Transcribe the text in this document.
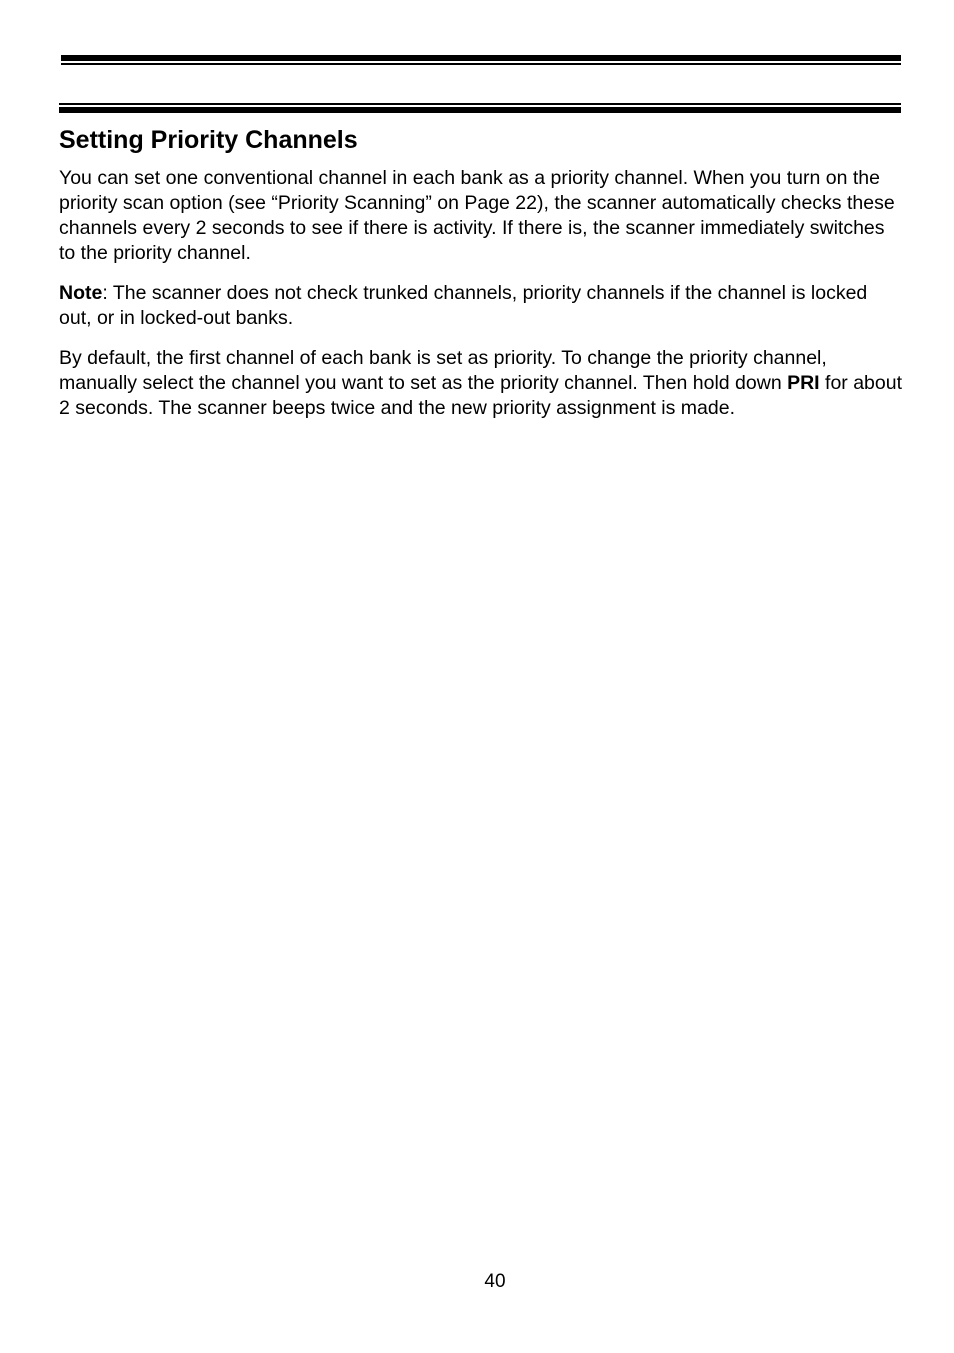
Setting Priority Channels

You can set one conventional channel in each bank as a priority channel. When you turn on the priority scan option (see “Priority Scanning” on Page 22), the scanner automatically checks these channels every 2 seconds to see if there is activity. If there is, the scanner immediately switches to the priority channel.

Note: The scanner does not check trunked channels, priority channels if the channel is locked out, or in locked-out banks.

By default, the first channel of each bank is set as priority. To change the priority channel, manually select the channel you want to set as the priority channel. Then hold down PRI for about 2 seconds. The scanner beeps twice and the new priority assignment is made.

40
